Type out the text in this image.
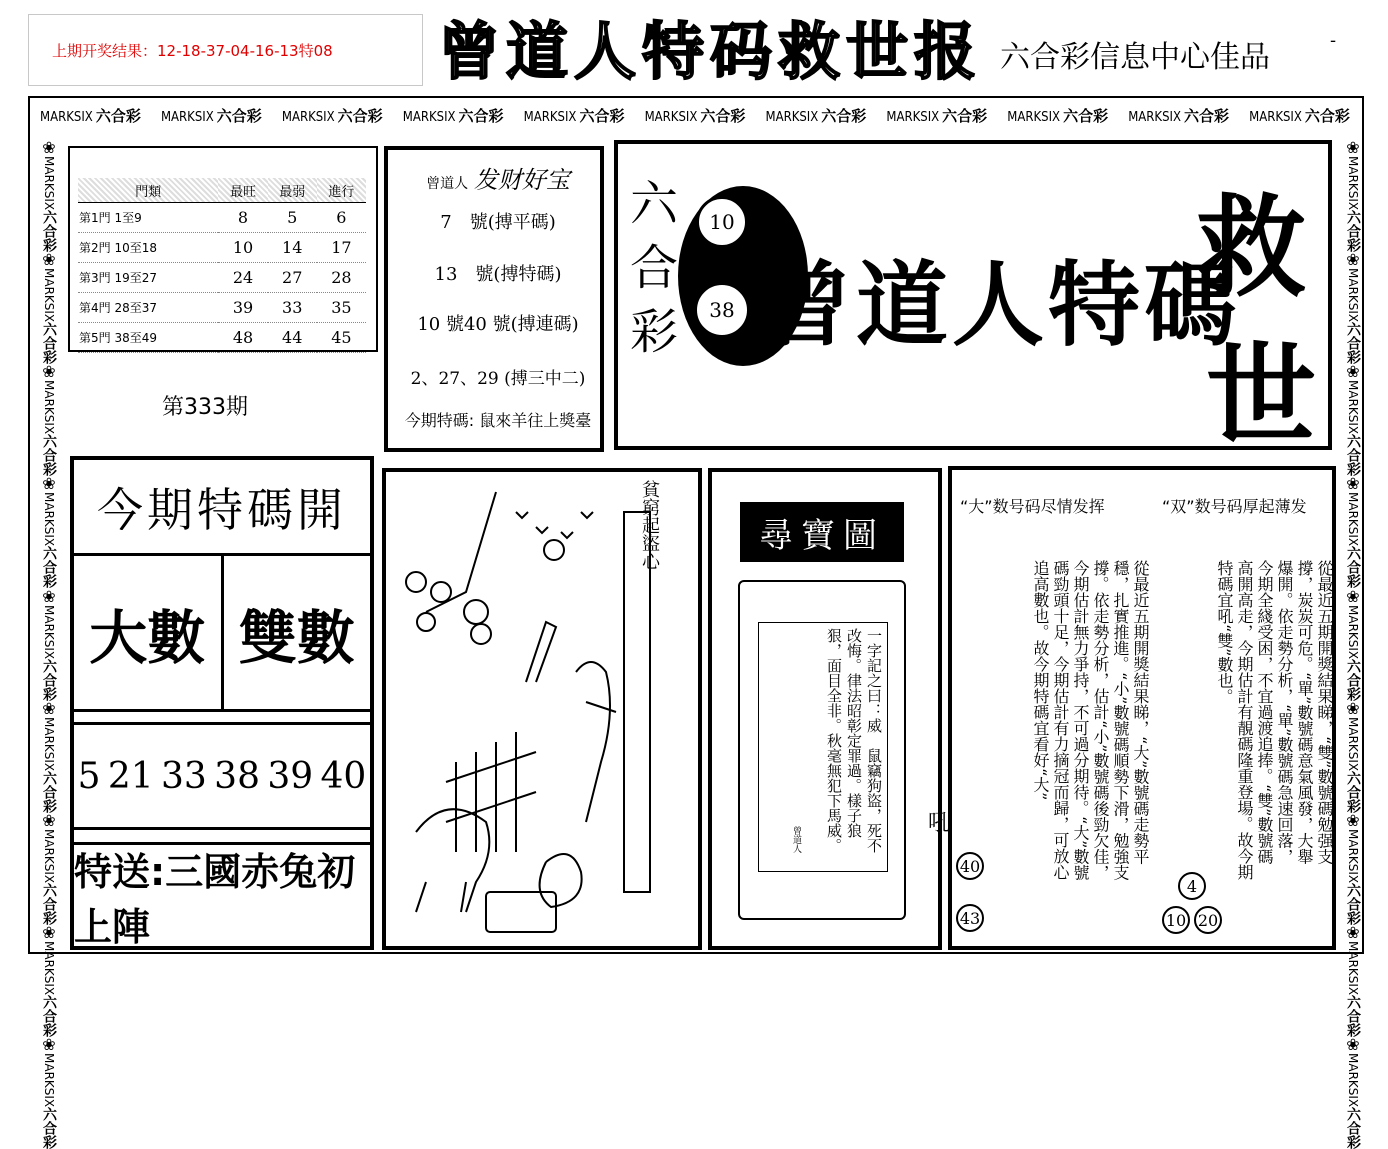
上期开奖结果：12-18-37-04-16-13特08 曾道人特码救世报 六合彩信息中心佳品	-
MARKSIX 六合彩 MARKSIX 六合彩 MARKSIX 六合彩 MARKSIX 六合彩 MARKSIX 六合彩 MARKSIX 六合彩 MARKSIX 六合彩 MARKSIX 六合彩 MARKSIX 六合彩 MARKSIX 六合彩 MARKSIX 六合彩
❀
MARKSIX六合彩
❀
MARKSIX六合彩
❀
MARKSIX六合彩
❀
MARKSIX六合彩
❀
MARKSIX六合彩
❀
MARKSIX六合彩
❀
MARKSIX六合彩
❀
MARKSIX六合彩
❀
MARKSIX六合彩
❀
MARKSIX六合彩
❀
MARKSIX六合彩
❀
MARKSIX六合彩
❀
MARKSIX六合彩
❀
MARKSIX六合彩
❀
MARKSIX六合彩
❀
MARKSIX六合彩
❀
MARKSIX六合彩
❀
MARKSIX六合彩
門類	最旺	最弱	進行
第1門 1至9	8	5	6
第2門 10至18	10	14	17
第3門 19至27	24	27	28
第4門 28至37	39	33	35
第5門 38至49	48	44	45
第333期
曾道人 发财好宝
7　號(搏平碼)
13　號(搏特碼)
10 號40 號(搏連碼)
2、27、29 (搏三中二)
今期特碼: 鼠來羊往上獎臺
六合彩
10
38 曾道人特碼
救
世
今期特碼開
大數 雙數
5 21 33 38 39 40
特送:三國赤兔初上陣
貧窮起盜心	尋寶圖
一字記之曰：威　鼠竊狗盜，死不改悔。律法昭彰定罪過。樣子狼狠，面目全非。秋毫無犯下馬威。
曾道人
吼
“大”数号码尽情发挥	“双”数号码厚起薄发
從最近五期開獎結果睇，“大”數號碼走勢平穩，扎實推進。“小”數號碼順勢下滑，勉強支撐。依走勢分析，估計“小”數號碼後勁欠佳，今期估計無力爭持，不可過分期待。“大”數號碼勁頭十足，今期估計有力摘冠而歸，可放心追高數也。故今期特碼宜看好“大”	從最近五期開獎結果睇，“雙”數號碼勉强支撐，炭炭可危。“單”數號碼意氣風發，大舉爆開。依走勢分析，“單”數號碼急速回落，今期全綫受困，不宜過渡追捧。“雙”數號碼高開高走，今期估計有靚碼隆重登場。故今期特碼宜吼“雙”數也。
40
43
4
10 20
